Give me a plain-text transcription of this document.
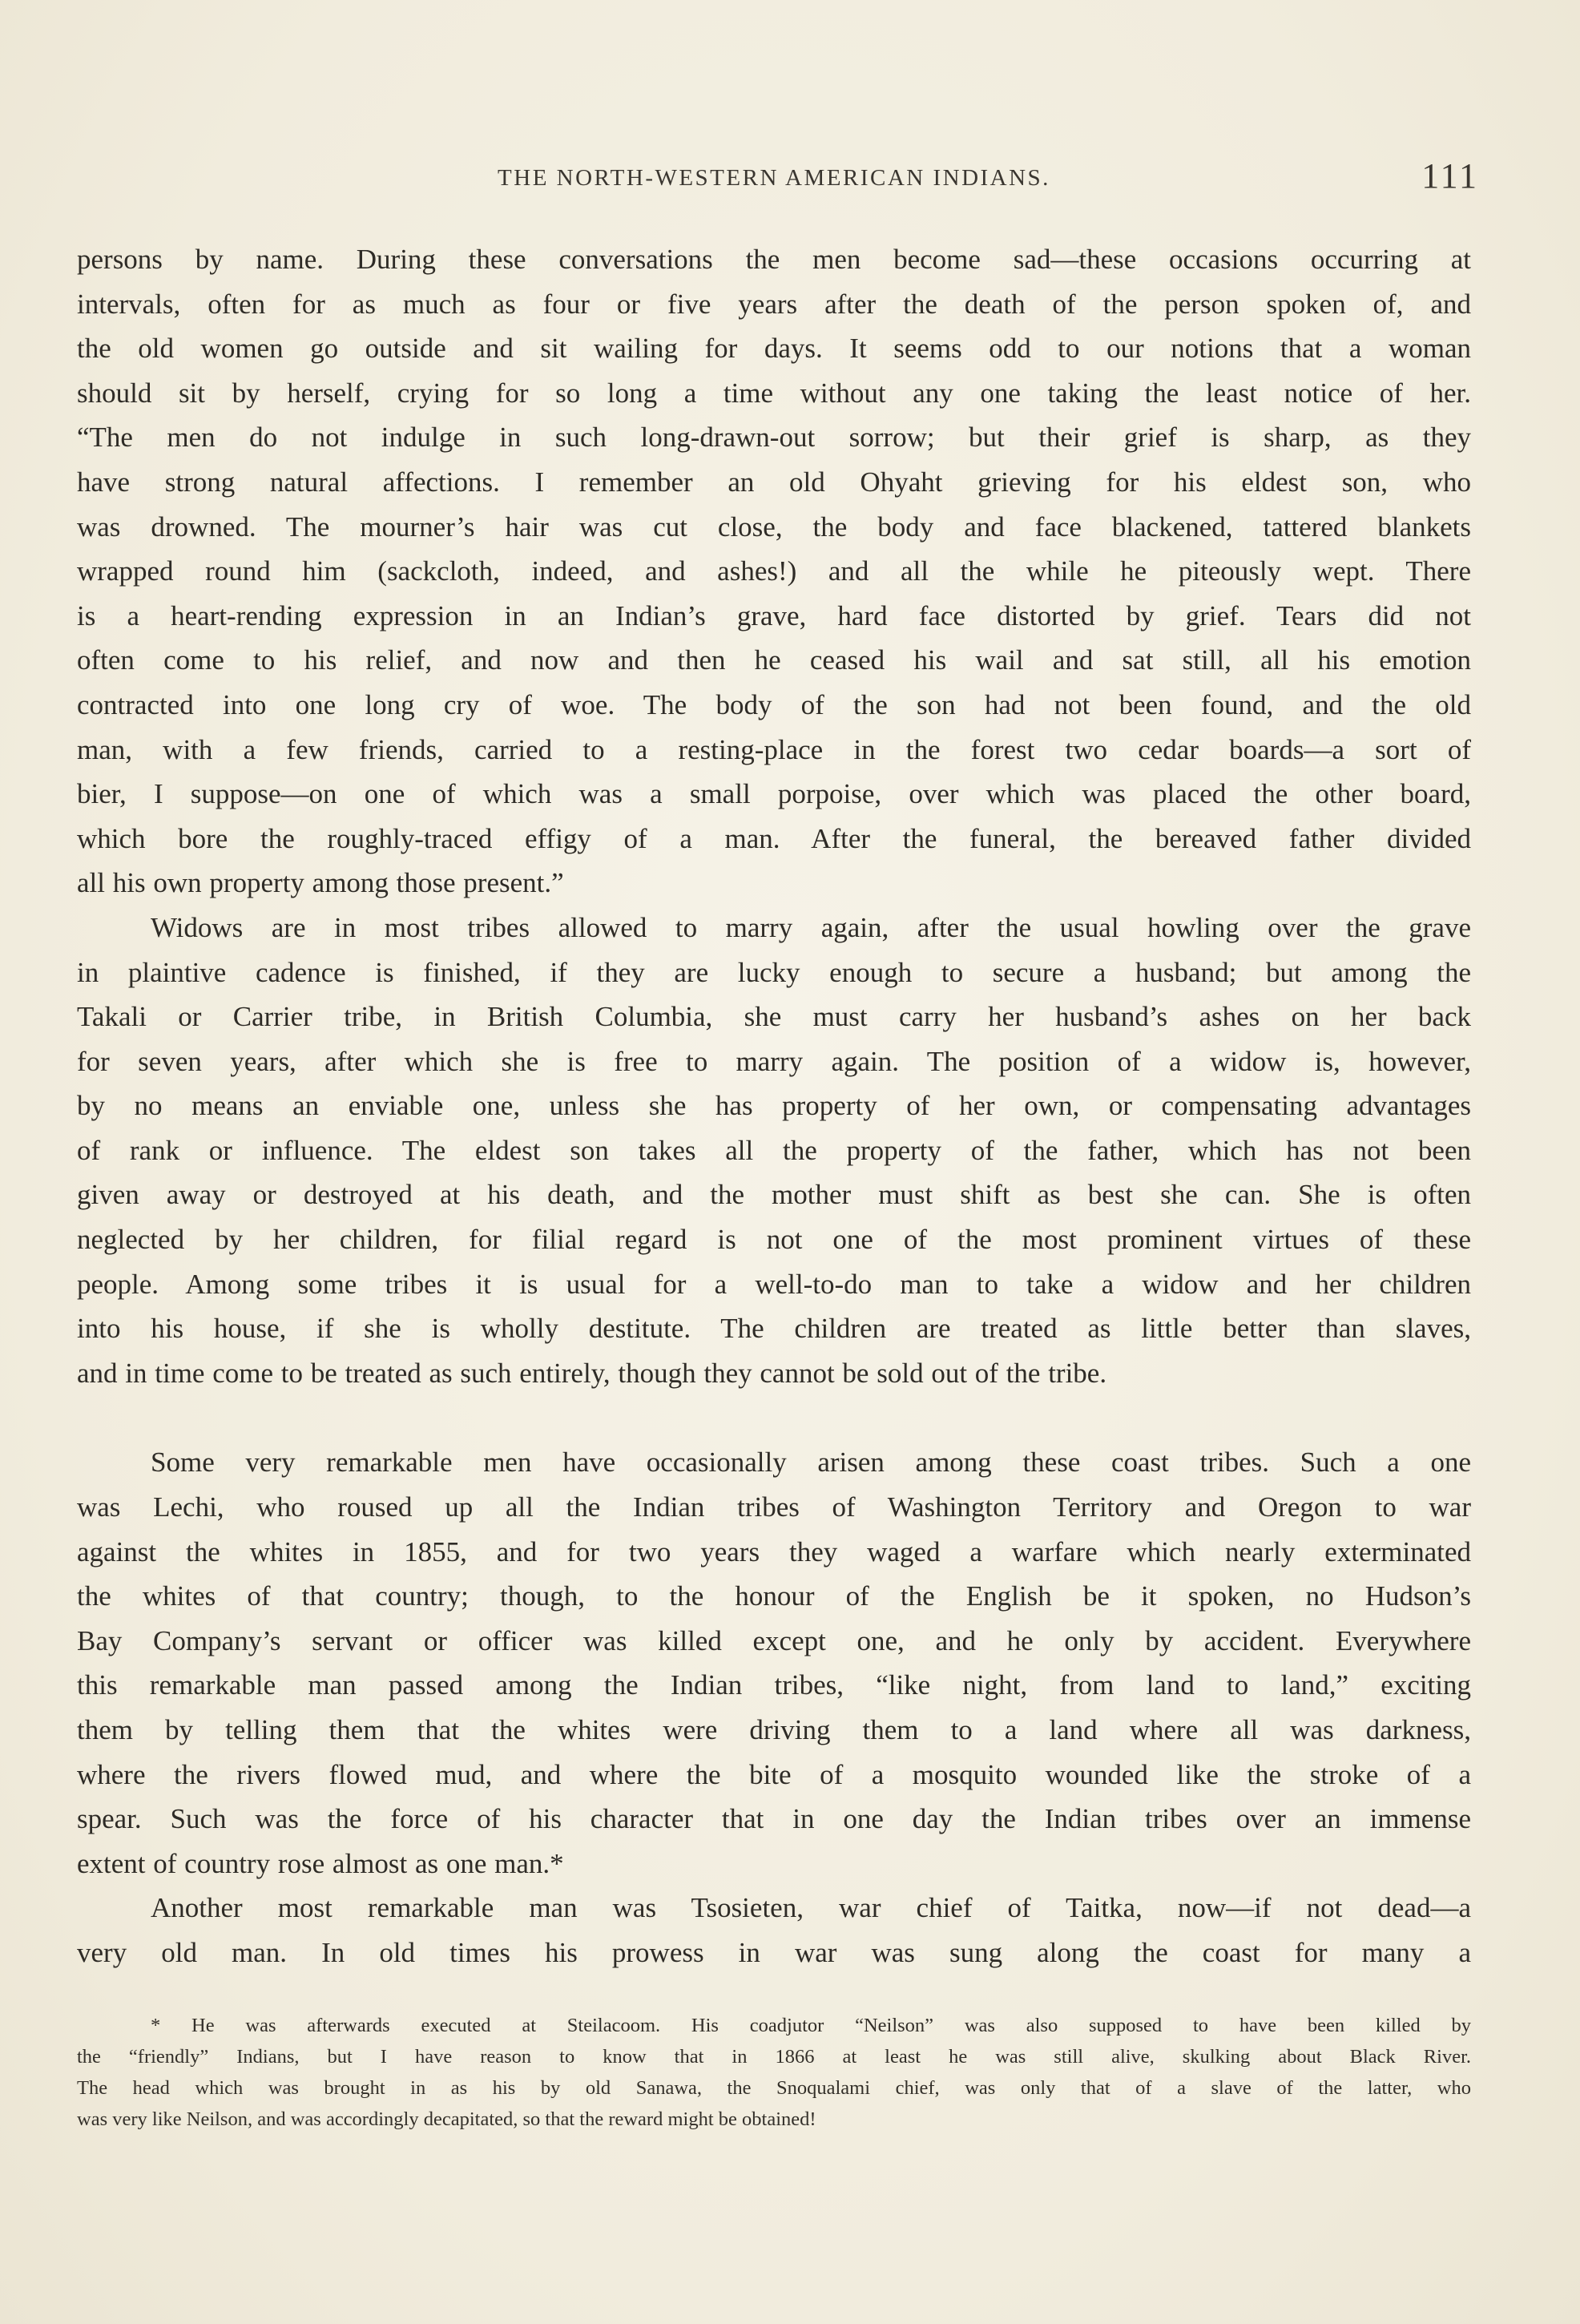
THE NORTH-WESTERN AMERICAN INDIANS.	111
persons by name. During these conversations the men become sad—these occasions occurring at
intervals, often for as much as four or five years after the death of the person spoken of, and
the old women go outside and sit wailing for days. It seems odd to our notions that a woman
should sit by herself, crying for so long a time without any one taking the least notice of her.
“The men do not indulge in such long-drawn-out sorrow; but their grief is sharp, as they
have strong natural affections. I remember an old Ohyaht grieving for his eldest son, who
was drowned. The mourner’s hair was cut close, the body and face blackened, tattered blankets
wrapped round him (sackcloth, indeed, and ashes!) and all the while he piteously wept. There
is a heart-rending expression in an Indian’s grave, hard face distorted by grief. Tears did not
often come to his relief, and now and then he ceased his wail and sat still, all his emotion
contracted into one long cry of woe. The body of the son had not been found, and the old
man, with a few friends, carried to a resting-place in the forest two cedar boards—a sort of
bier, I suppose—on one of which was a small porpoise, over which was placed the other board,
which bore the roughly-traced effigy of a man. After the funeral, the bereaved father divided
all his own property among those present.”
Widows are in most tribes allowed to marry again, after the usual howling over the grave
in plaintive cadence is finished, if they are lucky enough to secure a husband; but among the
Takali or Carrier tribe, in British Columbia, she must carry her husband’s ashes on her back
for seven years, after which she is free to marry again. The position of a widow is, however,
by no means an enviable one, unless she has property of her own, or compensating advantages
of rank or influence. The eldest son takes all the property of the father, which has not been
given away or destroyed at his death, and the mother must shift as best she can. She is often
neglected by her children, for filial regard is not one of the most prominent virtues of these
people. Among some tribes it is usual for a well-to-do man to take a widow and her children
into his house, if she is wholly destitute. The children are treated as little better than slaves,
and in time come to be treated as such entirely, though they cannot be sold out of the tribe.
Some very remarkable men have occasionally arisen among these coast tribes. Such a one
was Lechi, who roused up all the Indian tribes of Washington Territory and Oregon to war
against the whites in 1855, and for two years they waged a warfare which nearly exterminated
the whites of that country; though, to the honour of the English be it spoken, no Hudson’s
Bay Company’s servant or officer was killed except one, and he only by accident. Everywhere
this remarkable man passed among the Indian tribes, “like night, from land to land,” exciting
them by telling them that the whites were driving them to a land where all was darkness,
where the rivers flowed mud, and where the bite of a mosquito wounded like the stroke of a
spear. Such was the force of his character that in one day the Indian tribes over an immense
extent of country rose almost as one man.*
Another most remarkable man was Tsosieten, war chief of Taitka, now—if not dead—a
very old man. In old times his prowess in war was sung along the coast for many a
* He was afterwards executed at Steilacoom. His coadjutor “Neilson” was also supposed to have been killed by
the “friendly” Indians, but I have reason to know that in 1866 at least he was still alive, skulking about Black River.
The head which was brought in as his by old Sanawa, the Snoqualami chief, was only that of a slave of the latter, who
was very like Neilson, and was accordingly decapitated, so that the reward might be obtained!
